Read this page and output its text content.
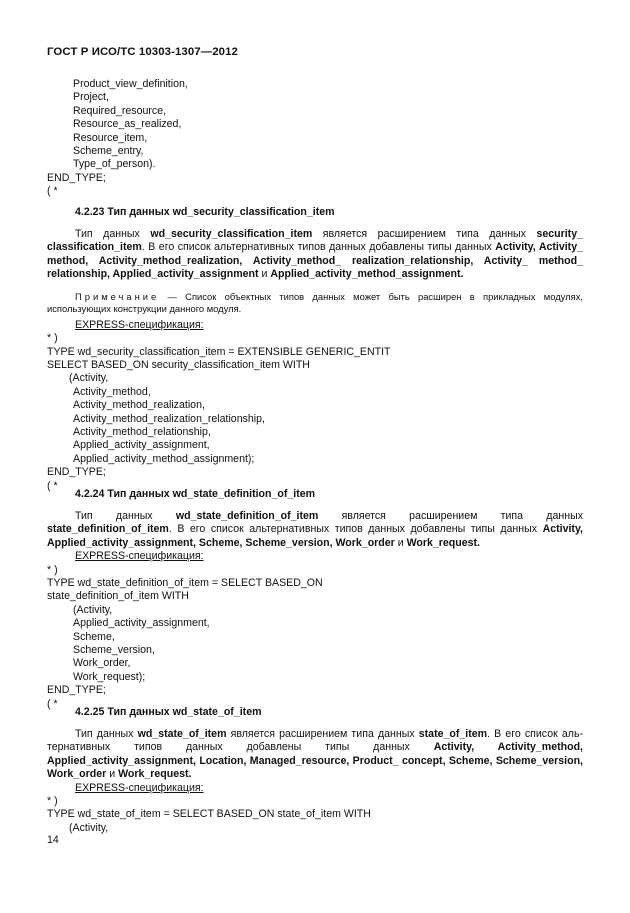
ГОСТ Р ИСО/ТС 10303-1307—2012
Product_view_definition,
Project,
Required_resource,
Resource_as_realized,
Resource_item,
Scheme_entry,
Type_of_person).
END_TYPE;
( *
4.2.23 Тип данных wd_security_classification_item

Тип данных wd_security_classification_item является расширением типа данных security_ classification_item. В его список альтернативных типов данных добавлены типы данных Activity, Activity_ method, Activity_method_realization, Activity_method_ realization_relationship, Activity_ method_ relationship, Applied_activity_assignment и Applied_activity_method_assignment.

Примечание — Список объектных типов данных может быть расширен в прикладных модулях, использующих конструкции данного модуля.

EXPRESS-спецификация:
* )
TYPE wd_security_classification_item = EXTENSIBLE GENERIC_ENTIT
SELECT BASED_ON security_classification_item WITH
(Activity,
Activity_method,
Activity_method_realization,
Activity_method_realization_relationship,
Activity_method_relationship,
Applied_activity_assignment,
Applied_activity_method_assignment);
END_TYPE;
( *
4.2.24 Тип данных wd_state_definition_of_item

Тип данных wd_state_definition_of_item является расширением типа данных state_definition_of_item. В его список альтернативных типов данных добавлены типы данных Activity, Applied_activity_assignment, Scheme, Scheme_version, Work_order и Work_request.

EXPRESS-спецификация:
* )
TYPE wd_state_definition_of_item = SELECT BASED_ON
state_definition_of_item WITH
(Activity,
Applied_activity_assignment,
Scheme,
Scheme_version,
Work_order,
Work_request);
END_TYPE;
( *
4.2.25 Тип данных wd_state_of_item

Тип данных wd_state_of_item является расширением типа данных state_of_item. В его список аль-тернативных типов данных добавлены типы данных Activity, Activity_method, Applied_activity_assignment, Location, Managed_resource, Product_ concept, Scheme, Scheme_version, Work_order и Work_request.

EXPRESS-спецификация:
* )
TYPE wd_state_of_item = SELECT BASED_ON state_of_item WITH
(Activity,
14
